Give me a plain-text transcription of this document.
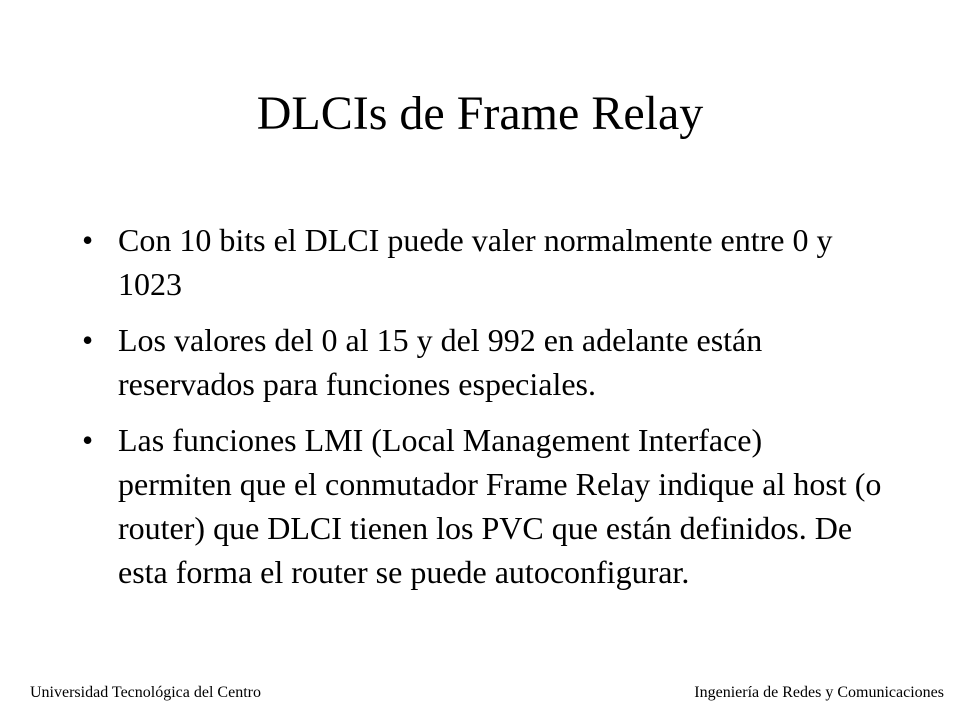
DLCIs de Frame Relay
• Con 10 bits el DLCI puede valer normalmente entre 0 y 1023
• Los valores del 0 al 15 y del 992 en adelante están reservados para funciones especiales.
• Las funciones LMI (Local Management Interface) permiten que el conmutador Frame Relay indique al host (o router) que DLCI tienen los PVC que están definidos. De esta forma el router se puede autoconfigurar.
Universidad Tecnológica del Centro	Ingeniería de Redes y Comunicaciones
